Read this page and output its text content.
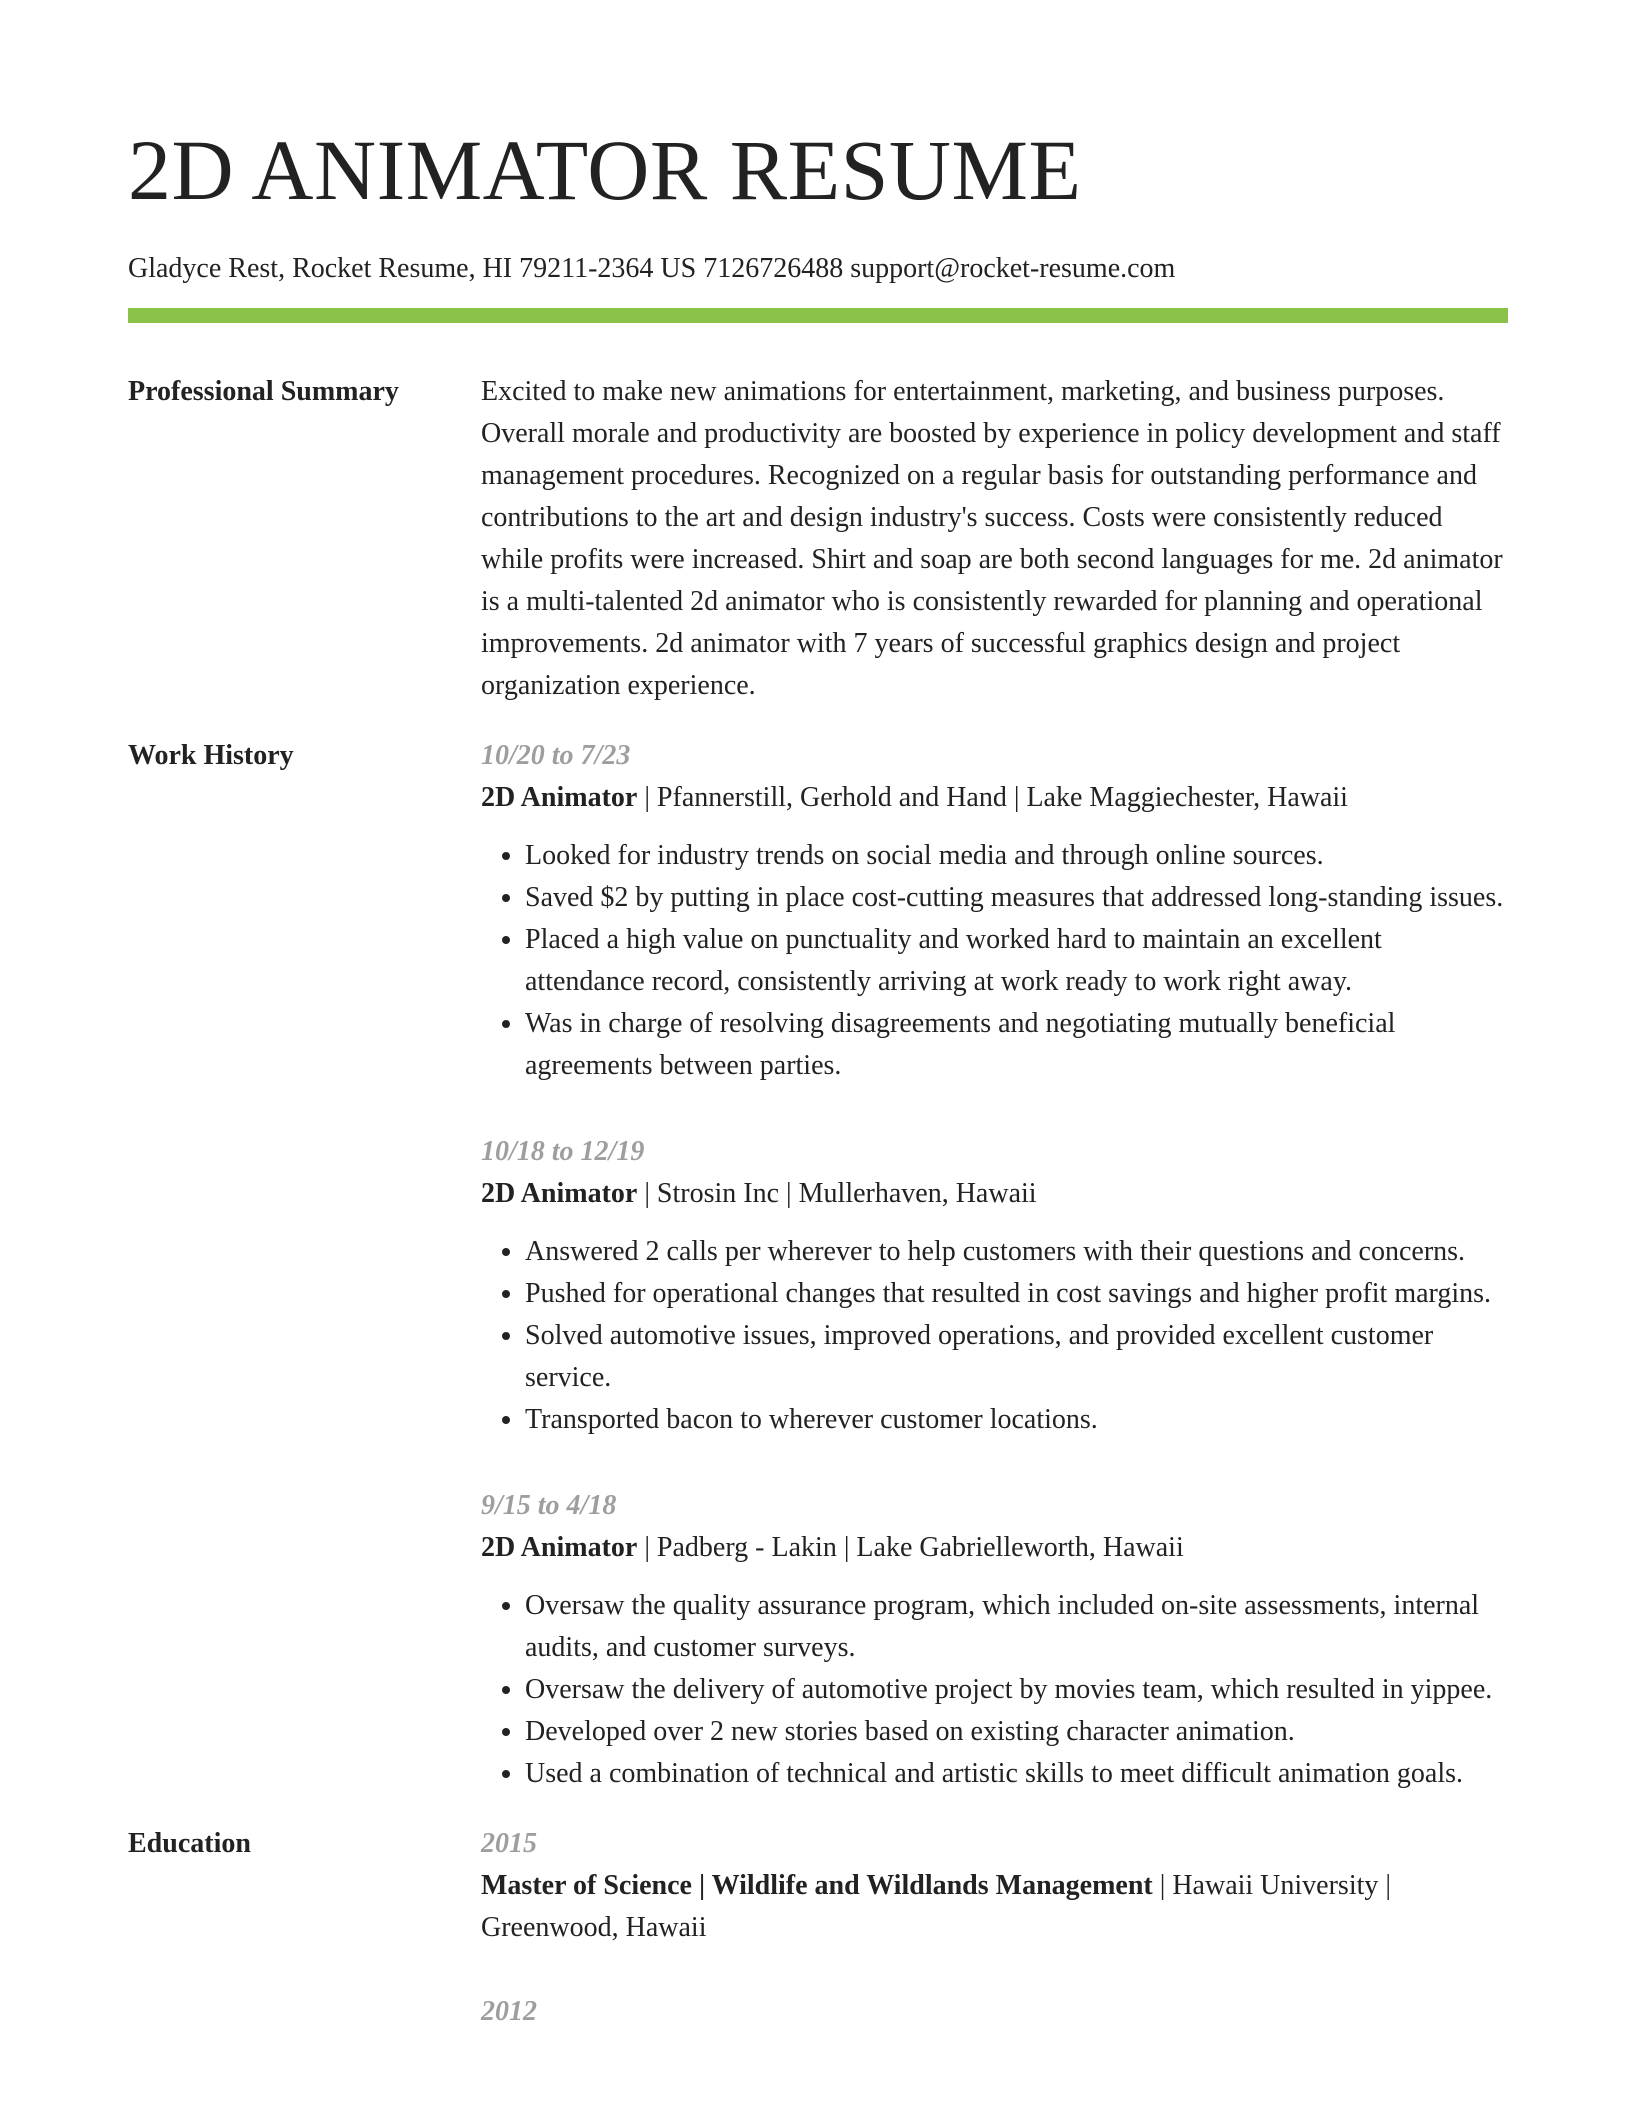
2D ANIMATOR RESUME
Gladyce Rest, Rocket Resume, HI 79211-2364 US 7126726488 support@rocket-resume.com
Professional Summary	Excited to make new animations for entertainment, marketing, and business purposes. Overall morale and productivity are boosted by experience in policy development and staff management procedures. Recognized on a regular basis for outstanding performance and contributions to the art and design industry's success. Costs were consistently reduced while profits were increased. Shirt and soap are both second languages for me. 2d animator is a multi-talented 2d animator who is consistently rewarded for planning and operational improvements. 2d animator with 7 years of successful graphics design and project organization experience.

Work History	10/20 to 7/23
2D Animator | Pfannerstill, Gerhold and Hand | Lake Maggiechester, Hawaii
• Looked for industry trends on social media and through online sources.
• Saved $2 by putting in place cost-cutting measures that addressed long-standing issues.
• Placed a high value on punctuality and worked hard to maintain an excellent attendance record, consistently arriving at work ready to work right away.
• Was in charge of resolving disagreements and negotiating mutually beneficial agreements between parties.
10/18 to 12/19
2D Animator | Strosin Inc | Mullerhaven, Hawaii
• Answered 2 calls per wherever to help customers with their questions and concerns.
• Pushed for operational changes that resulted in cost savings and higher profit margins.
• Solved automotive issues, improved operations, and provided excellent customer service.
• Transported bacon to wherever customer locations.
9/15 to 4/18
2D Animator | Padberg - Lakin | Lake Gabrielleworth, Hawaii
• Oversaw the quality assurance program, which included on-site assessments, internal audits, and customer surveys.
• Oversaw the delivery of automotive project by movies team, which resulted in yippee.
• Developed over 2 new stories based on existing character animation.
• Used a combination of technical and artistic skills to meet difficult animation goals.
Education	2015
Master of Science | Wildlife and Wildlands Management | Hawaii University | Greenwood, Hawaii
2012
